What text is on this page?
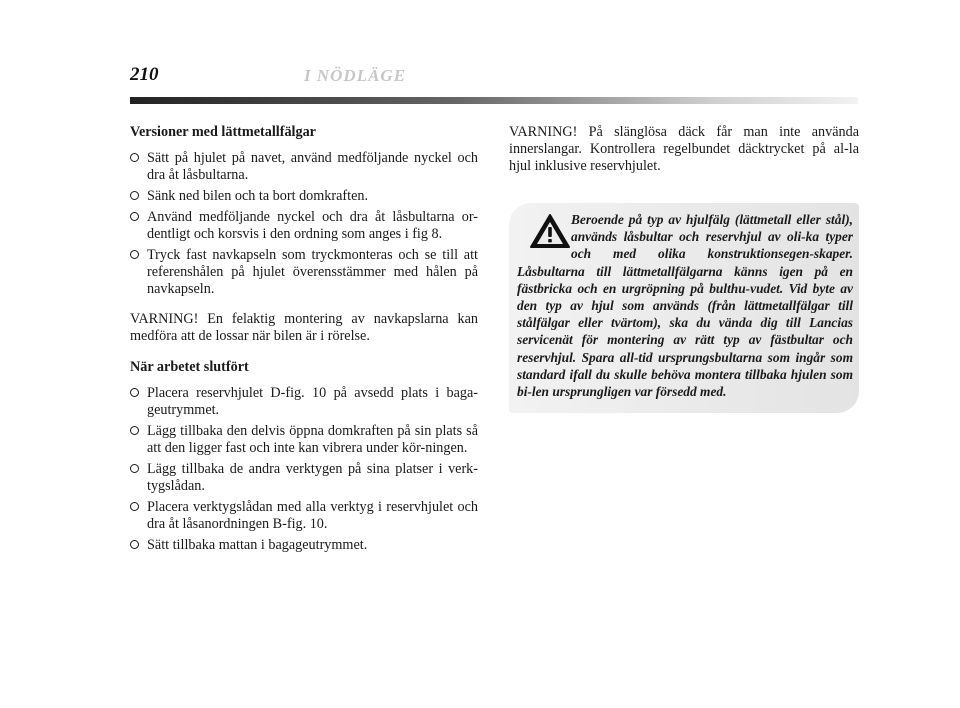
210	I NÖDLÄGE

Versioner med lättmetallfälgar

Sätt på hjulet på navet, använd medföljande nyckel och dra åt låsbultarna.
Sänk ned bilen och ta bort domkraften.
Använd medföljande nyckel och dra åt låsbultarna or-dentligt och korsvis i den ordning som anges i fig 8.
Tryck fast navkapseln som tryckmonteras och se till att referenshålen på hjulet överensstämmer med hålen på navkapseln.

VARNING! En felaktig montering av navkapslarna kan medföra att de lossar när bilen är i rörelse.

När arbetet slutfört

Placera reservhjulet D-fig. 10 på avsedd plats i baga-geutrymmet.
Lägg tillbaka den delvis öppna domkraften på sin plats så att den ligger fast och inte kan vibrera under kör-ningen.
Lägg tillbaka de andra verktygen på sina platser i verk-tygslådan.
Placera verktygslådan med alla verktyg i reservhjulet och dra åt låsanordningen B-fig. 10.
Sätt tillbaka mattan i bagageutrymmet.

VARNING! På slänglösa däck får man inte använda innerslangar. Kontrollera regelbundet däcktrycket på al-la hjul inklusive reservhjulet.

Beroende på typ av hjulfälg (lättmetall eller stål), används låsbultar och reservhjul av oli-ka typer och med olika konstruktionsegen-skaper. Låsbultarna till lättmetallfälgarna känns igen på en fästbricka och en urgröpning på bulthu-vudet. Vid byte av den typ av hjul som används (från lättmetallfälgar till stålfälgar eller tvärtom), ska du vända dig till Lancias servicenät för montering av rätt typ av fästbultar och reservhjul. Spara all-tid ursprungsbultarna som ingår som standard ifall du skulle behöva montera tillbaka hjulen som bi-len ursprungligen var försedd med.
